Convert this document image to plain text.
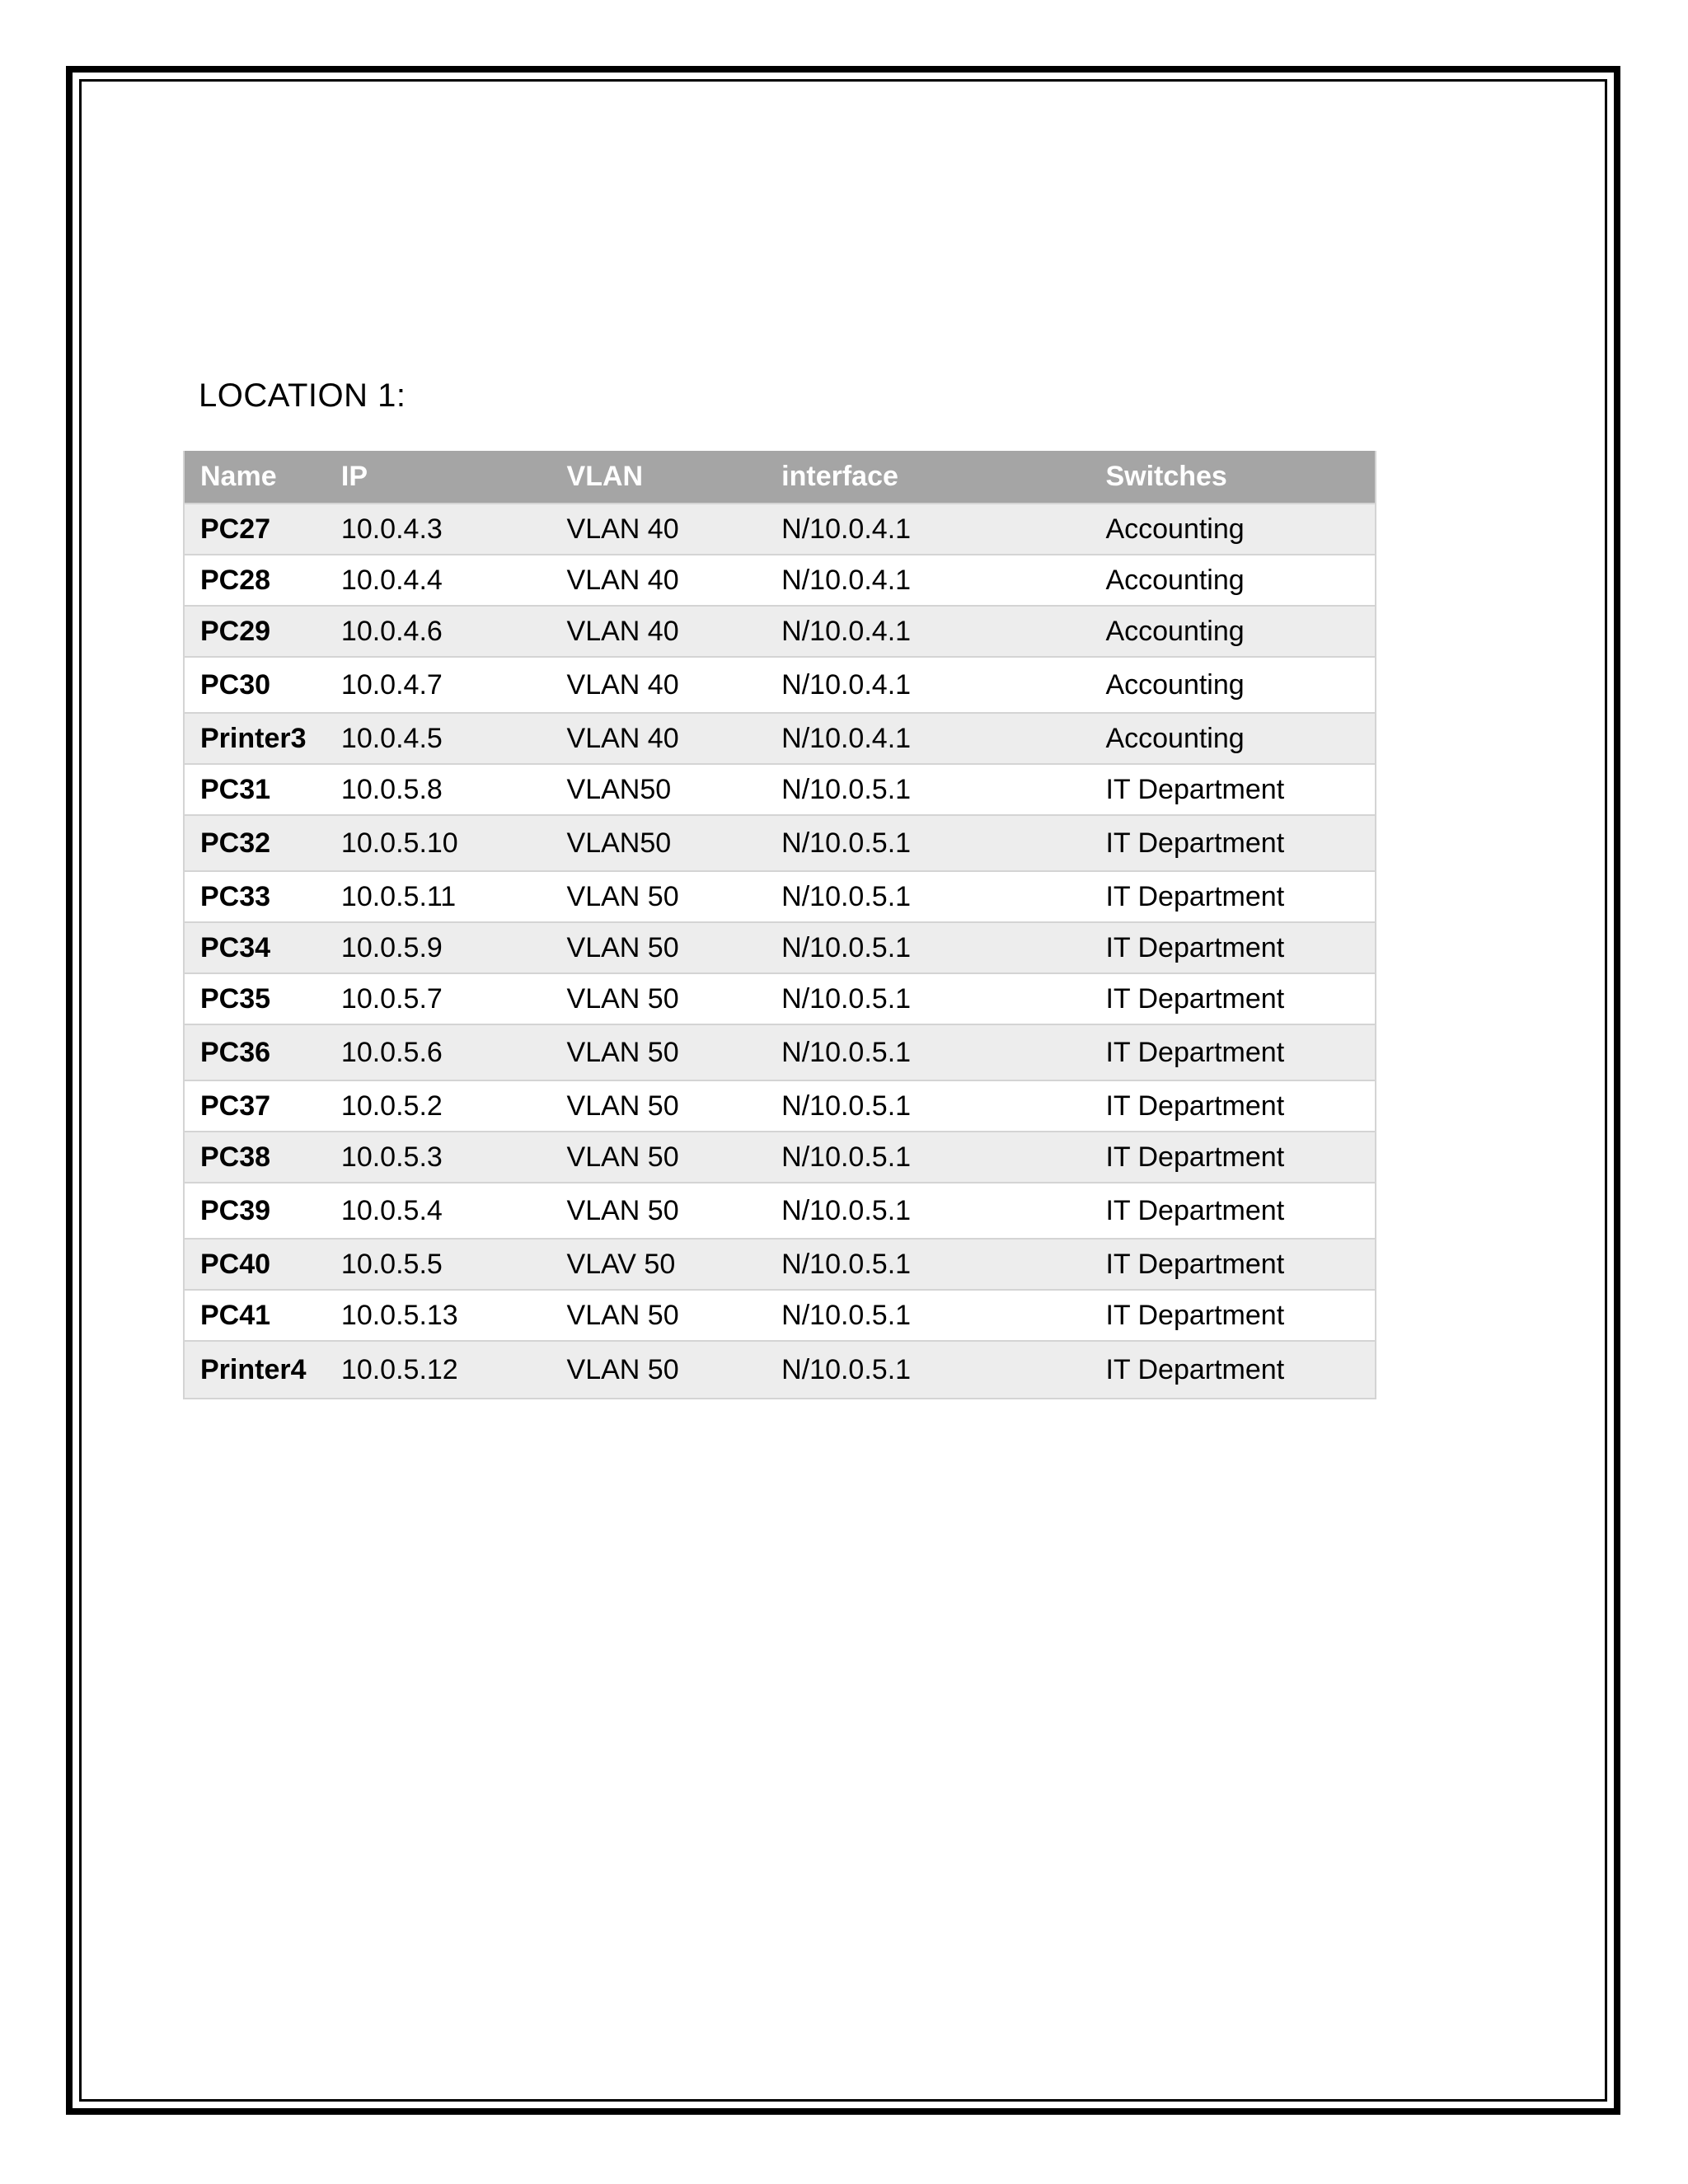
LOCATION 1:
Name	IP	VLAN	interface	Switches
PC27	10.0.4.3	VLAN 40	N/10.0.4.1	Accounting
PC28	10.0.4.4	VLAN 40	N/10.0.4.1	Accounting
PC29	10.0.4.6	VLAN 40	N/10.0.4.1	Accounting
PC30	10.0.4.7	VLAN 40	N/10.0.4.1	Accounting
Printer3	10.0.4.5	VLAN 40	N/10.0.4.1	Accounting
PC31	10.0.5.8	VLAN50	N/10.0.5.1	IT Department
PC32	10.0.5.10	VLAN50	N/10.0.5.1	IT Department
PC33	10.0.5.11	VLAN 50	N/10.0.5.1	IT Department
PC34	10.0.5.9	VLAN 50	N/10.0.5.1	IT Department
PC35	10.0.5.7	VLAN 50	N/10.0.5.1	IT Department
PC36	10.0.5.6	VLAN 50	N/10.0.5.1	IT Department
PC37	10.0.5.2	VLAN 50	N/10.0.5.1	IT Department
PC38	10.0.5.3	VLAN 50	N/10.0.5.1	IT Department
PC39	10.0.5.4	VLAN 50	N/10.0.5.1	IT Department
PC40	10.0.5.5	VLAV 50	N/10.0.5.1	IT Department
PC41	10.0.5.13	VLAN 50	N/10.0.5.1	IT Department
Printer4	10.0.5.12	VLAN 50	N/10.0.5.1	IT Department
